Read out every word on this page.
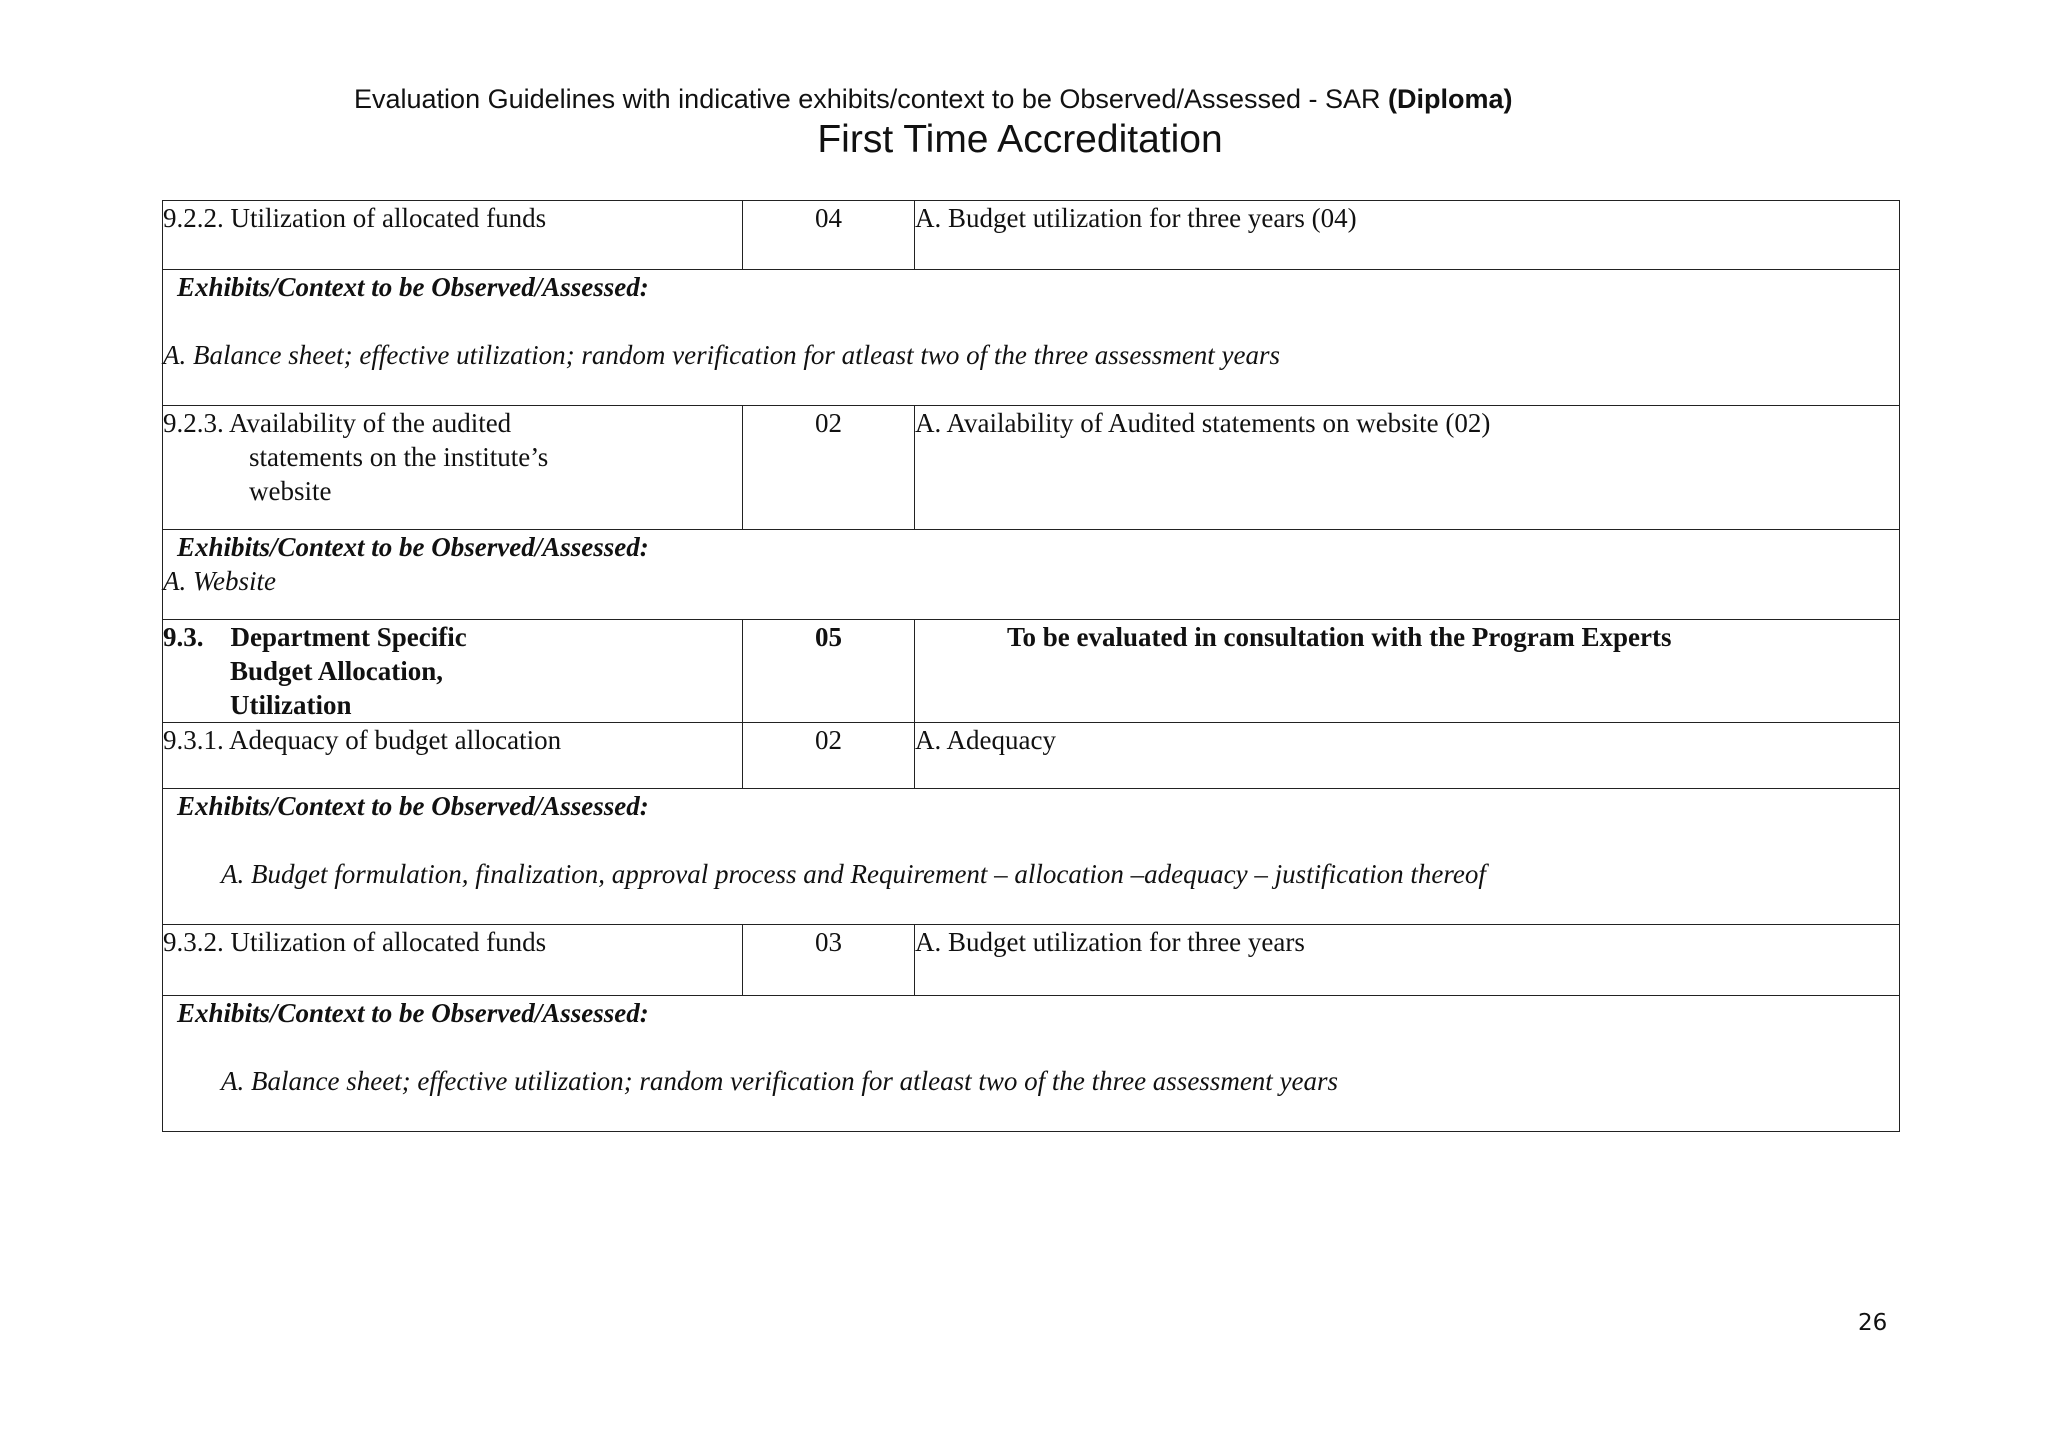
Evaluation Guidelines with indicative exhibits/context to be Observed/Assessed - SAR (Diploma)
First Time Accreditation
9.2.2. Utilization of allocated funds	04	A. Budget utilization for three years (04)

Exhibits/Context to be Observed/Assessed:
A. Balance sheet; effective utilization; random verification for atleast two of the three assessment years		

9.2.3. Availability of the audited
statements on the institute’s
website	02	A. Availability of Audited statements on website (02)

Exhibits/Context to be Observed/Assessed:
A. Website		

9.3.    Department Specific
Budget Allocation,
Utilization	05	To be evaluated in consultation with the Program Experts
9.3.1. Adequacy of budget allocation	02	A. Adequacy

Exhibits/Context to be Observed/Assessed:
A. Budget formulation, finalization, approval process and Requirement – allocation –adequacy – justification thereof		

9.3.2. Utilization of allocated funds	03	A. Budget utilization for three years

Exhibits/Context to be Observed/Assessed:
A. Balance sheet; effective utilization; random verification for atleast two of the three assessment years		
26
